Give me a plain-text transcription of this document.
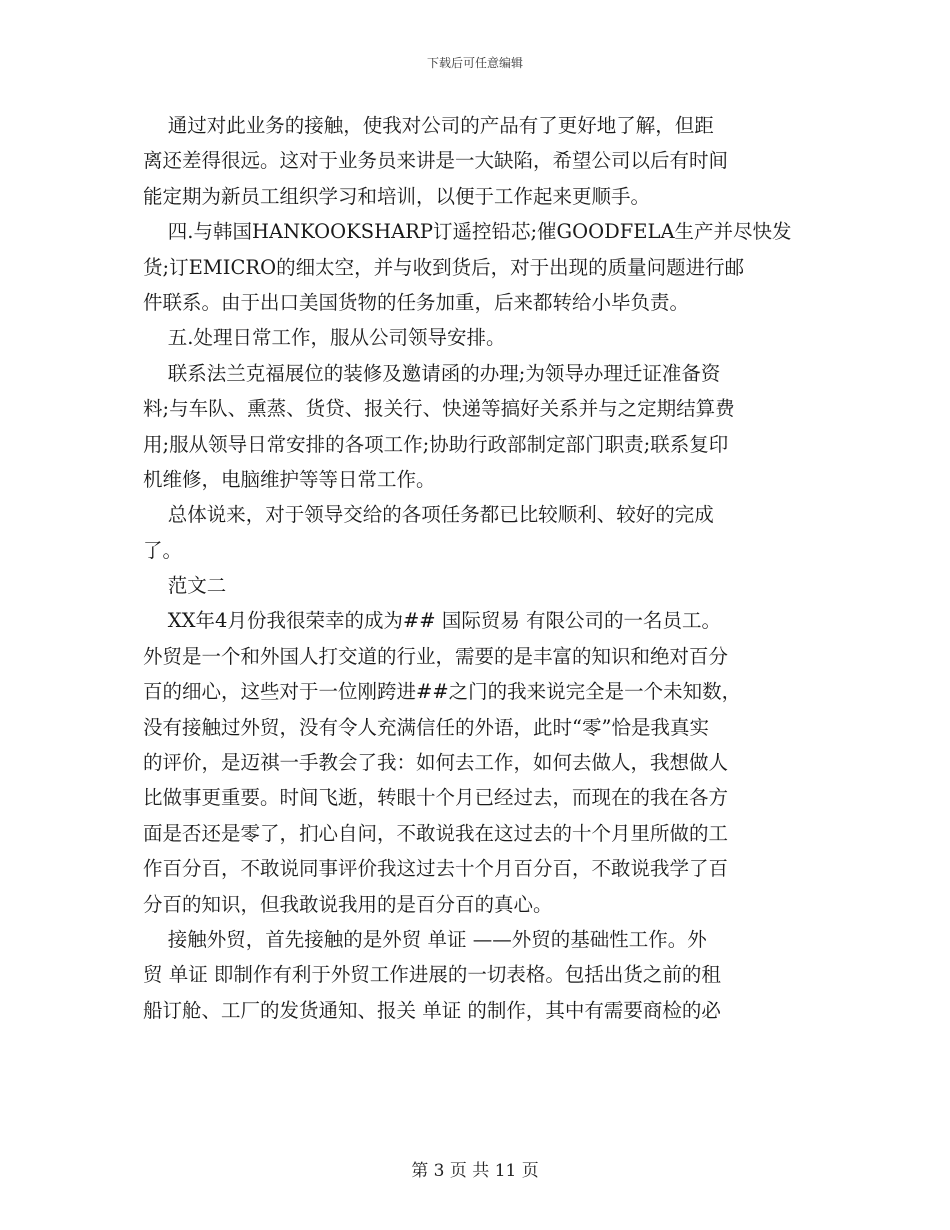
下载后可任意编辑
通过对此业务的接触，使我对公司的产品有了更好地了解，但距
离还差得很远。这对于业务员来讲是一大缺陷，希望公司以后有时间
能定期为新员工组织学习和培训，以便于工作起来更顺手。
四.与韩国HANKOOKSHARP订遥控铅芯;催GOODFELA生产并尽快发
货;订EMICRO的细太空，并与收到货后，对于出现的质量问题进行邮
件联系。由于出口美国货物的任务加重，后来都转给小毕负责。
五.处理日常工作，服从公司领导安排。
联系法兰克福展位的装修及邀请函的办理;为领导办理迁证准备资
料;与车队、熏蒸、货贷、报关行、快递等搞好关系并与之定期结算费
用;服从领导日常安排的各项工作;协助行政部制定部门职责;联系复印
机维修，电脑维护等等日常工作。
总体说来，对于领导交给的各项任务都已比较顺利、较好的完成
了。
范文二
XX年4月份我很荣幸的成为## 国际贸易 有限公司的一名员工。
外贸是一个和外国人打交道的行业，需要的是丰富的知识和绝对百分
百的细心，这些对于一位刚跨进##之门的我来说完全是一个未知数，
没有接触过外贸，没有令人充满信任的外语，此时“零”恰是我真实
的评价，是迈祺一手教会了我：如何去工作，如何去做人，我想做人
比做事更重要。时间飞逝，转眼十个月已经过去，而现在的我在各方
面是否还是零了，扪心自问，不敢说我在这过去的十个月里所做的工
作百分百，不敢说同事评价我这过去十个月百分百，不敢说我学了百
分百的知识，但我敢说我用的是百分百的真心。
接触外贸，首先接触的是外贸 单证 ——外贸的基础性工作。外
贸 单证 即制作有利于外贸工作进展的一切表格。包括出货之前的租
船订舱、工厂的发货通知、报关 单证 的制作，其中有需要商检的必
第 3 页 共 11 页
